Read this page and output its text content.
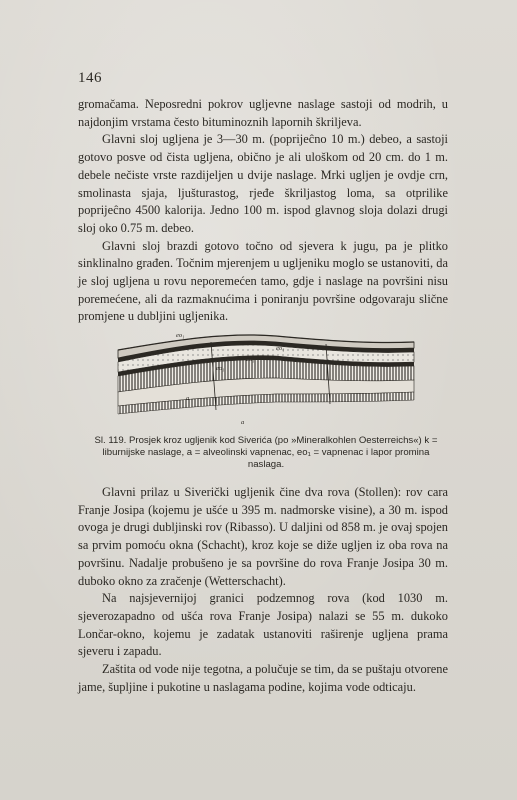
146

gromačama. Neposredni pokrov ugljevne naslage sastoji od modrih, u najdonjim vrstama često bituminoznih lapornih škriljeva.

Glavni sloj ugljena je 3—30 m. (poprijeĉno 10 m.) debeo, a sastoji gotovo posve od čista ugljena, obično je ali uloškom od 20 cm. do 1 m. debele nečiste vrste razdijeljen u dvije naslage. Mrki ugljen je ovdje crn, smolinasta sjaja, ljušturastog, rjeđe škriljastog loma, sa otprilike poprijeĉno 4500 kalorija. Jedno 100 m. ispod glavnog sloja dolazi drugi sloj oko 0.75 m. debeo.

Glavni sloj brazdi gotovo točno od sjevera k jugu, pa je plitko sinklinalno građen. Točnim mjerenjem u ugljeniku moglo se ustanoviti, da je sloj ugljena u rovu neporemećen tamo, gdje i naslage na površini nisu poremećene, ali da razmaknućima i poniranju površine odgovaraju slične promjene u dubljini ugljenika.

eo₁
eo₁
eo₁
eo₁
a
a
Sl. 119. Prosjek kroz ugljenik kod Siverića (po »Mineralkohlen Oesterreichs«) k = liburnijske naslage, a = alveolinski vapnenac, eo₁ = vapnenac i lapor promina naslaga.

Glavni prilaz u Siverički ugljenik čine dva rova (Stollen): rov cara Franje Josipa (kojemu je ušće u 395 m. nadmorske visine), a 30 m. ispod ovoga je drugi dubljinski rov (Ribasso). U daljini od 858 m. je ovaj spojen sa prvim pomoću okna (Schacht), kroz koje se diže ugljen iz oba rova na površinu. Nadalje probušeno je sa površine do rova Franje Josipa 30 m. duboko okno za zračenje (Wetterschacht).

Na najsjevernijoj granici podzemnog rova (kod 1030 m. sjeverozapadno od ušća rova Franje Josipa) nalazi se 55 m. dukoko Lončar-okno, kojemu je zadatak ustanoviti raširenje ugljena prama sjeveru i zapadu.

Zaštita od vode nije tegotna, a polučuje se tim, da se puštaju otvorene jame, šupljine i pukotine u naslagama podine, kojima vode odticaju.
